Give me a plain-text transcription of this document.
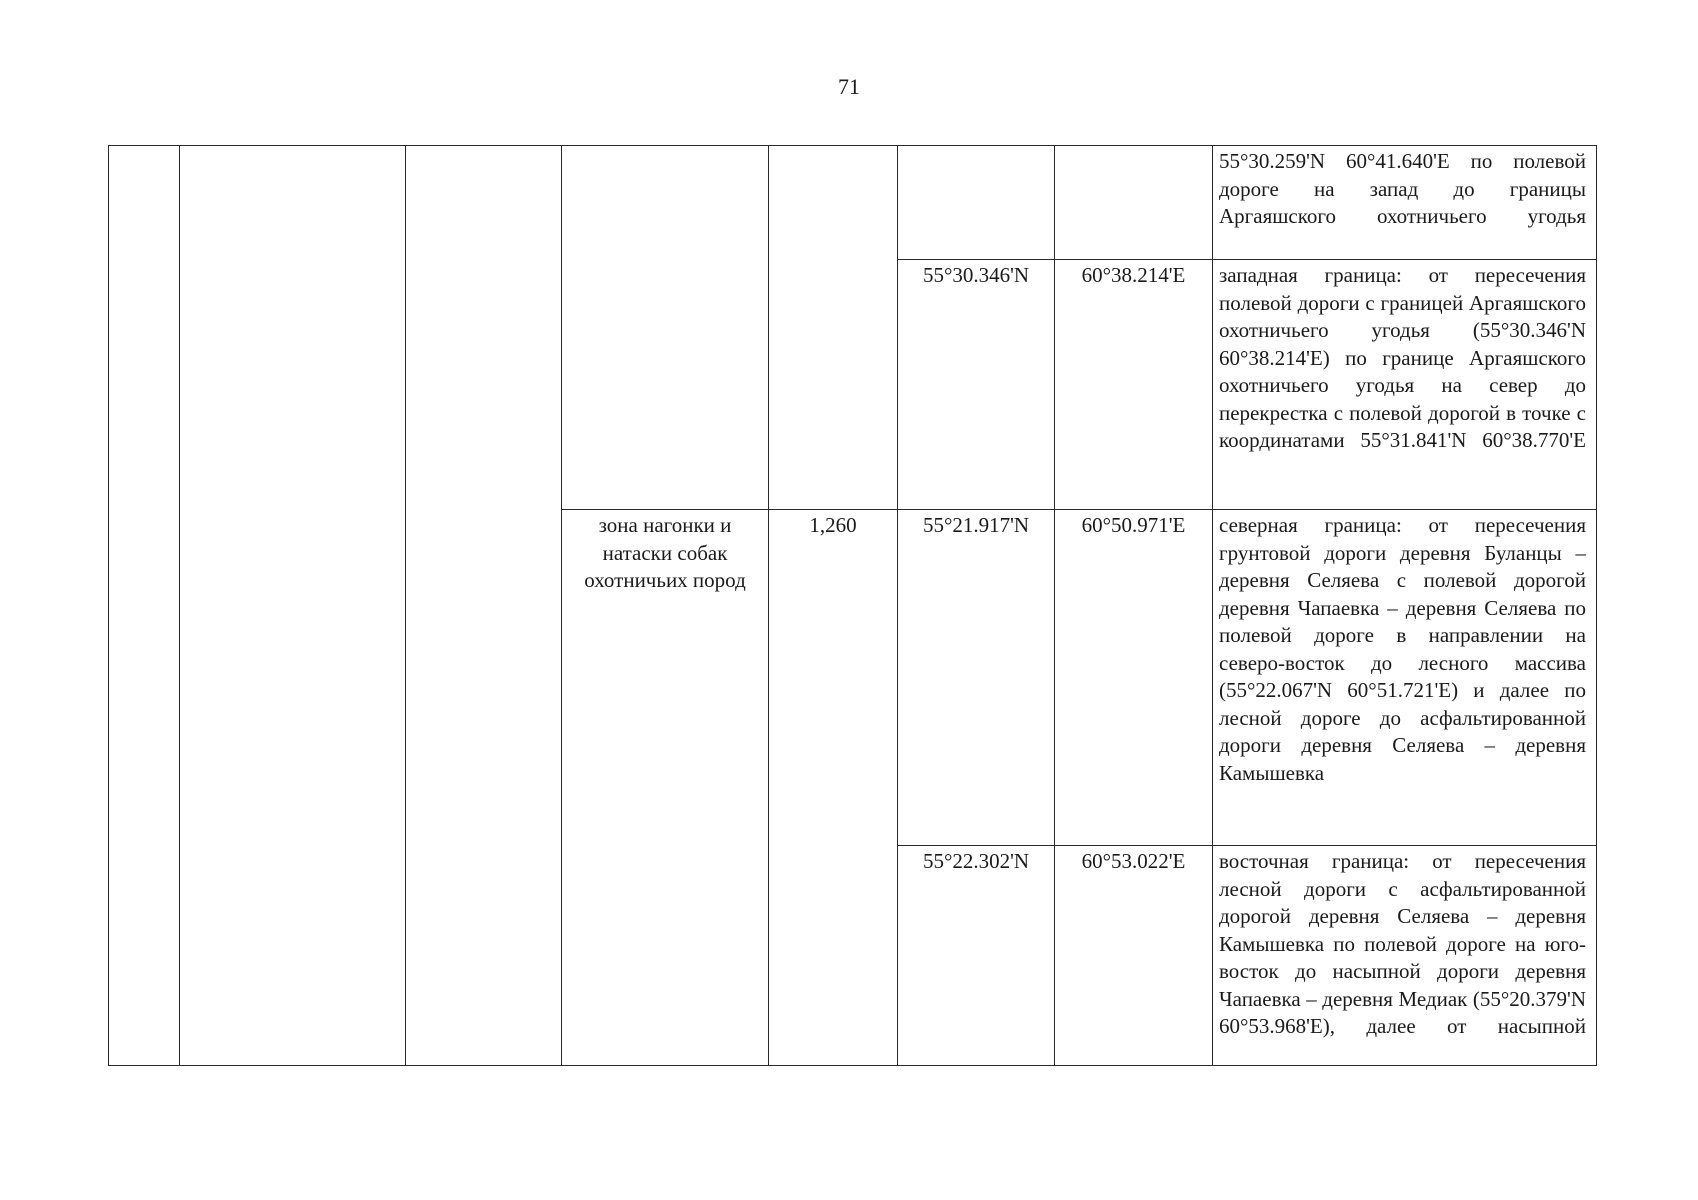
71

							55°30.259'N 60°41.640'E по полевой дороге на запад до границы Аргаяшского охотничьего угодья

					55°30.346'N	60°38.214'E	западная граница: от пересечения полевой дороги с границей Аргаяшского охотничьего угодья (55°30.346'N 60°38.214'E) по границе Аргаяшского охотничьего угодья на север до перекрестка с полевой дорогой в точке с координатами 55°31.841'N 60°38.770'E

			зона нагонки и натаски собак охотничьих пород	1,260	55°21.917'N	60°50.971'E	северная граница: от пересечения грунтовой дороги деревня Буланцы – деревня Селяева с полевой дорогой деревня Чапаевка – деревня Селяева по полевой дороге в направлении на северо-восток до лесного массива (55°22.067'N 60°51.721'E) и далее по лесной дороге до асфальтированной дороги деревня Селяева – деревня Камышевка

					55°22.302'N	60°53.022'E	восточная граница: от пересечения лесной дороги с асфальтированной дорогой деревня Селяева – деревня Камышевка по полевой дороге на юго-восток до насыпной дороги деревня Чапаевка – деревня Медиак (55°20.379'N 60°53.968'E), далее от насыпной
